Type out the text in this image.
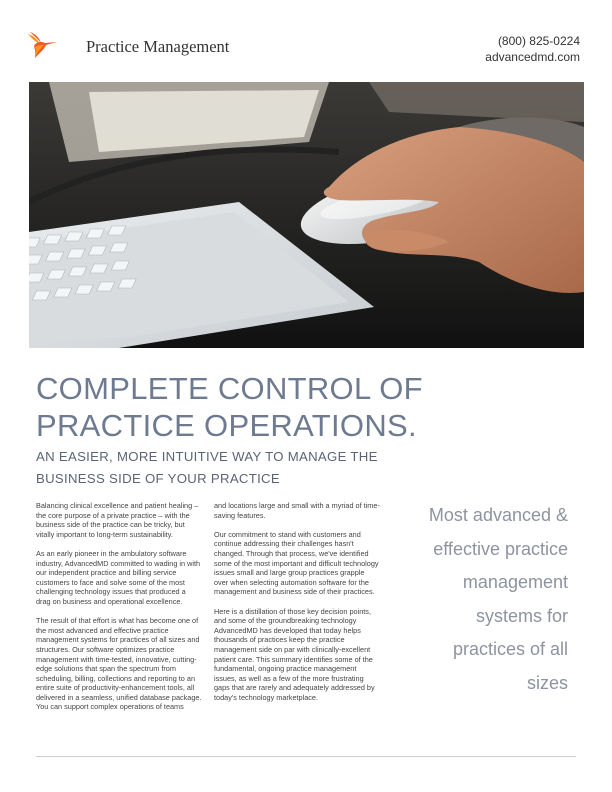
Practice Management	(800) 825-0224
advancedmd.com
COMPLETE CONTROL OF PRACTICE OPERATIONS.
AN EASIER, MORE INTUITIVE WAY TO MANAGE THE BUSINESS SIDE OF YOUR PRACTICE

Balancing clinical excellence and patient healing – the core purpose of a private practice – with the business side of the practice can be tricky, but vitally important to long-term sustainability.

As an early pioneer in the ambulatory software industry, AdvancedMD committed to wading in with our independent practice and billing service customers to face and solve some of the most challenging technology issues that produced a drag on business and operational excellence.

The result of that effort is what has become one of the most advanced and effective practice management systems for practices of all sizes and structures. Our software optimizes practice management with time-tested, innovative, cutting-edge solutions that span the spectrum from scheduling, billing, collections and reporting to an entire suite of productivity-enhancement tools, all delivered in a seamless, unified database package. You can support complex operations of teams

and locations large and small with a myriad of time-saving features.

Our commitment to stand with customers and continue addressing their challenges hasn't changed. Through that process, we've identified some of the most important and difficult technology issues small and large group practices grapple over when selecting automation software for the management and business side of their practices.

Here is a distillation of those key decision points, and some of the groundbreaking technology AdvancedMD has developed that today helps thousands of practices keep the practice management side on par with clinically-excellent patient care. This summary identifies some of the fundamental, ongoing practice management issues, as well as a few of the more frustrating gaps that are rarely and adequately addressed by today's technology marketplace.

Most advanced & effective practice management systems for practices of all sizes
